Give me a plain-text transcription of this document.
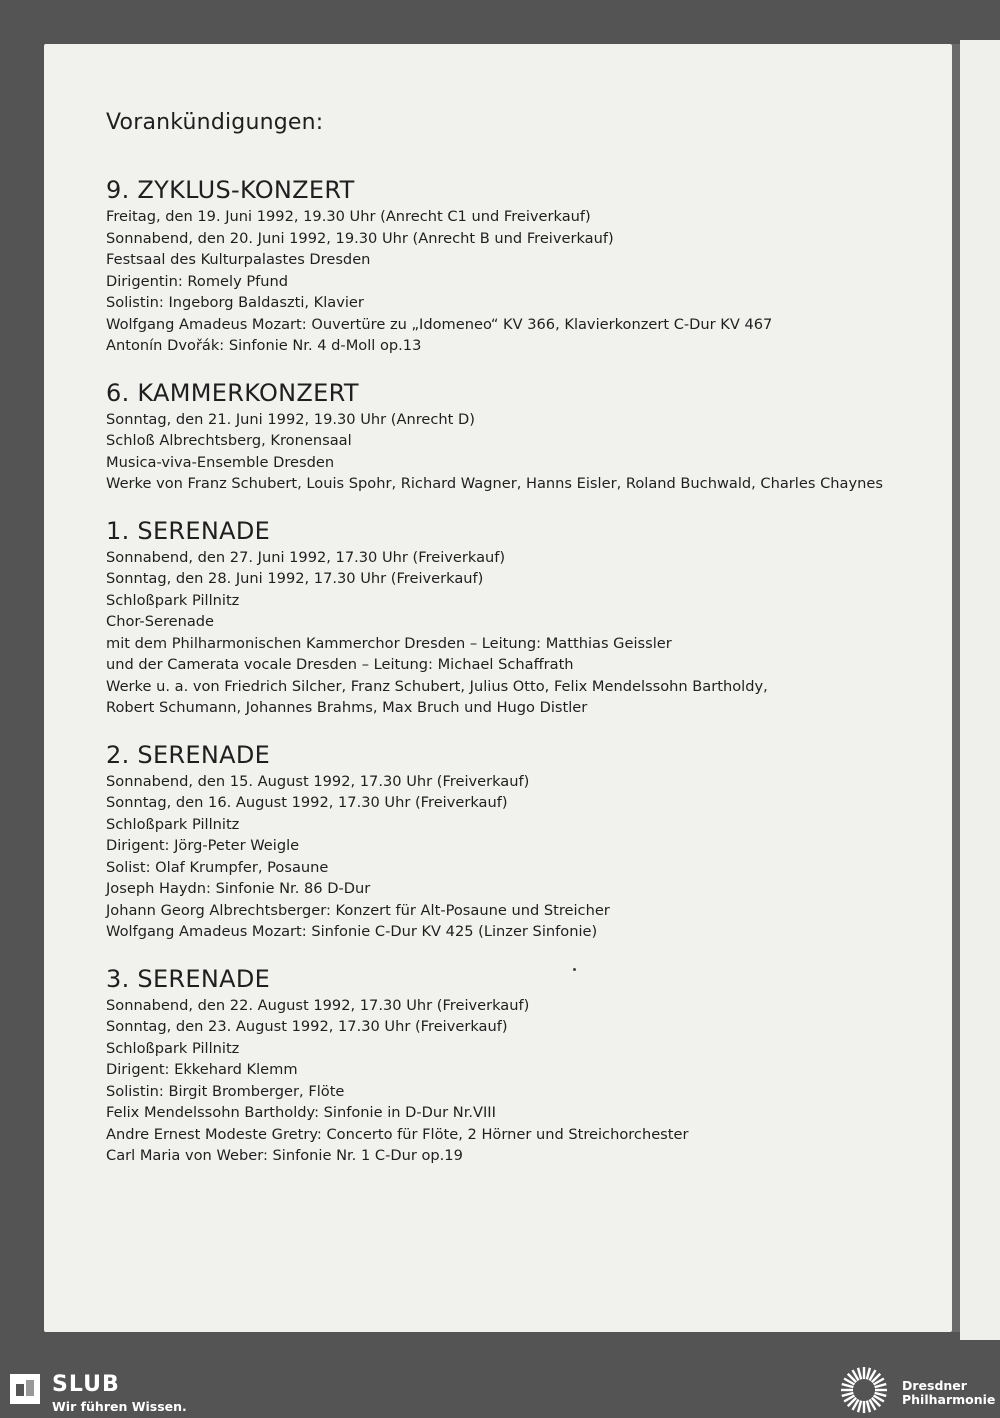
Vorankündigungen:
9. ZYKLUS-KONZERT
Freitag, den 19. Juni 1992, 19.30 Uhr (Anrecht C1 und Freiverkauf)
Sonnabend, den 20. Juni 1992, 19.30 Uhr (Anrecht B und Freiverkauf)
Festsaal des Kulturpalastes Dresden
Dirigentin: Romely Pfund
Solistin: Ingeborg Baldaszti, Klavier
Wolfgang Amadeus Mozart: Ouvertüre zu „Idomeneo“ KV 366, Klavierkonzert C-Dur KV 467
Antonín Dvořák: Sinfonie Nr. 4 d-Moll op.13
6. KAMMERKONZERT
Sonntag, den 21. Juni 1992, 19.30 Uhr (Anrecht D)
Schloß Albrechtsberg, Kronensaal
Musica-viva-Ensemble Dresden
Werke von Franz Schubert, Louis Spohr, Richard Wagner, Hanns Eisler, Roland Buchwald, Charles Chaynes
1. SERENADE
Sonnabend, den 27. Juni 1992, 17.30 Uhr (Freiverkauf)
Sonntag, den 28. Juni 1992, 17.30 Uhr (Freiverkauf)
Schloßpark Pillnitz
Chor-Serenade
mit dem Philharmonischen Kammerchor Dresden – Leitung: Matthias Geissler
und der Camerata vocale Dresden – Leitung: Michael Schaffrath
Werke u. a. von Friedrich Silcher, Franz Schubert, Julius Otto, Felix Mendelssohn Bartholdy,
Robert Schumann, Johannes Brahms, Max Bruch und Hugo Distler
2. SERENADE
Sonnabend, den 15. August 1992, 17.30 Uhr (Freiverkauf)
Sonntag, den 16. August 1992, 17.30 Uhr (Freiverkauf)
Schloßpark Pillnitz
Dirigent: Jörg-Peter Weigle
Solist: Olaf Krumpfer, Posaune
Joseph Haydn: Sinfonie Nr. 86 D-Dur
Johann Georg Albrechtsberger: Konzert für Alt-Posaune und Streicher
Wolfgang Amadeus Mozart: Sinfonie C-Dur KV 425 (Linzer Sinfonie)
3. SERENADE
Sonnabend, den 22. August 1992, 17.30 Uhr (Freiverkauf)
Sonntag, den 23. August 1992, 17.30 Uhr (Freiverkauf)
Schloßpark Pillnitz
Dirigent: Ekkehard Klemm
Solistin: Birgit Bromberger, Flöte
Felix Mendelssohn Bartholdy: Sinfonie in D-Dur Nr.VIII
Andre Ernest Modeste Gretry: Concerto für Flöte, 2 Hörner und Streichorchester
Carl Maria von Weber: Sinfonie Nr. 1 C-Dur op.19
SLUB
Wir führen Wissen.
Dresdner
Philharmonie
